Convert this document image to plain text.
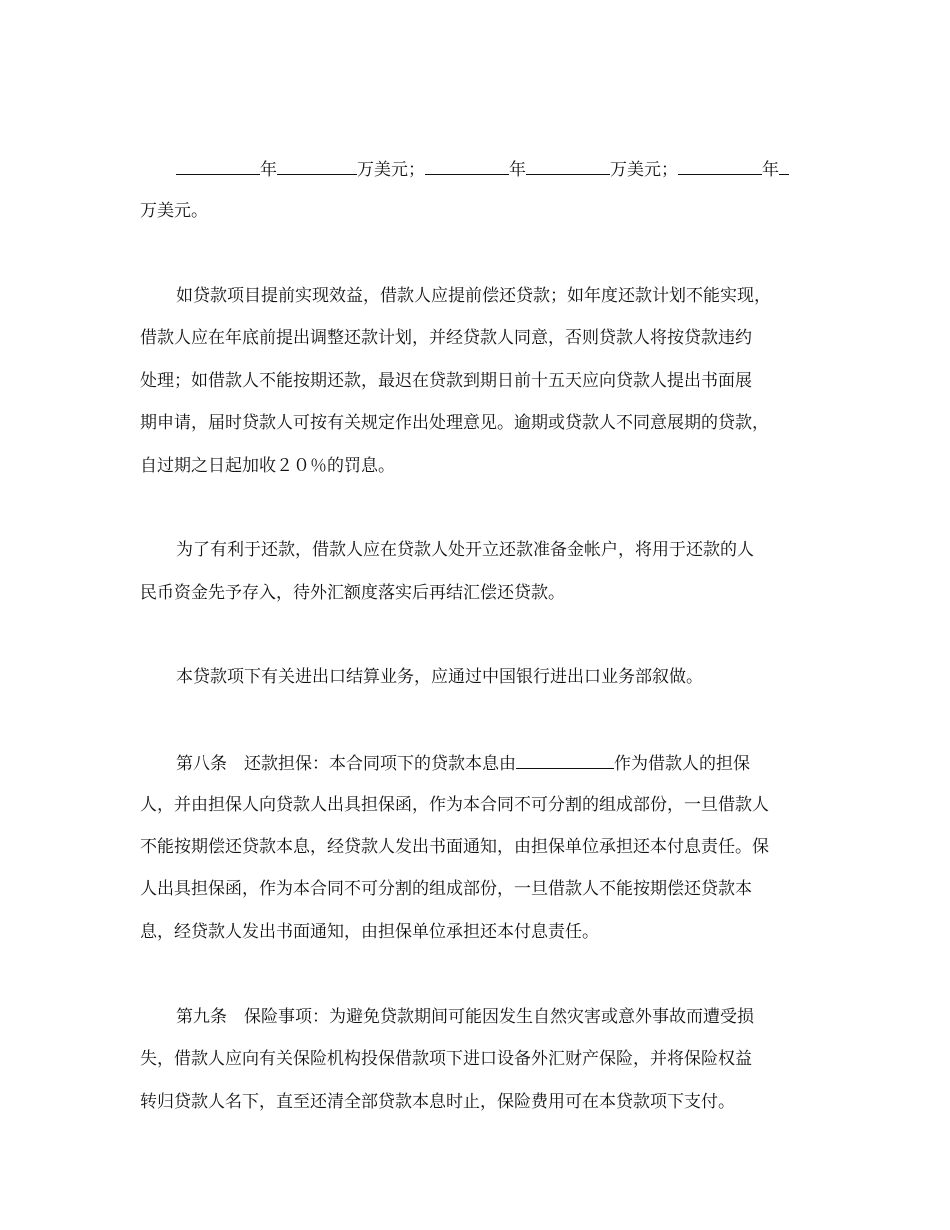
年	万美元；	年	万美元；	年
万美元。
如贷款项目提前实现效益，借款人应提前偿还贷款；如年度还款计划不能实现，
借款人应在年底前提出调整还款计划，并经贷款人同意，否则贷款人将按贷款违约
处理；如借款人不能按期还款，最迟在贷款到期日前十五天应向贷款人提出书面展
期申请，届时贷款人可按有关规定作出处理意见。逾期或贷款人不同意展期的贷款，
自过期之日起加收２０％的罚息。
为了有利于还款，借款人应在贷款人处开立还款准备金帐户，将用于还款的人
民币资金先予存入，待外汇额度落实后再结汇偿还贷款。
本贷款项下有关进出口结算业务，应通过中国银行进出口业务部叙做。
第八条　还款担保：本合同项下的贷款本息由	作为借款人的担保
人，并由担保人向贷款人出具担保函，作为本合同不可分割的组成部份，一旦借款人
不能按期偿还贷款本息，经贷款人发出书面通知，由担保单位承担还本付息责任。保
人出具担保函，作为本合同不可分割的组成部份，一旦借款人不能按期偿还贷款本
息，经贷款人发出书面通知，由担保单位承担还本付息责任。
第九条　保险事项：为避免贷款期间可能因发生自然灾害或意外事故而遭受损
失，借款人应向有关保险机构投保借款项下进口设备外汇财产保险，并将保险权益
转归贷款人名下，直至还清全部贷款本息时止，保险费用可在本贷款项下支付。
